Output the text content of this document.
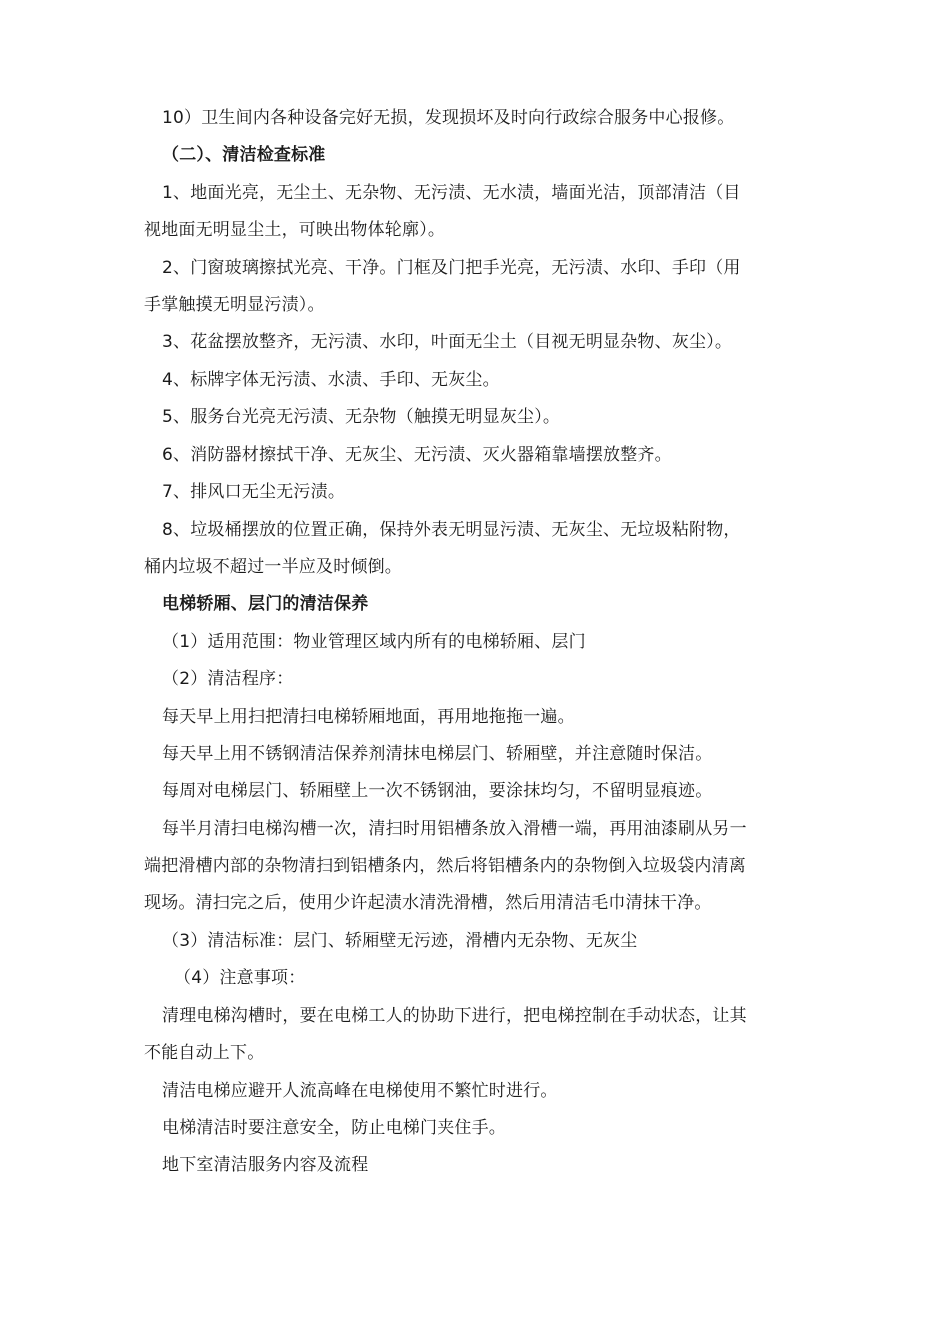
10）卫生间内各种设备完好无损，发现损坏及时向行政综合服务中心报修。
（二）、清洁检查标准
1、地面光亮，无尘土、无杂物、无污渍、无水渍，墙面光洁，顶部清洁（目
视地面无明显尘土，可映出物体轮廓）。
2、门窗玻璃擦拭光亮、干净。门框及门把手光亮，无污渍、水印、手印（用
手掌触摸无明显污渍）。
3、花盆摆放整齐，无污渍、水印，叶面无尘土（目视无明显杂物、灰尘）。
4、标牌字体无污渍、水渍、手印、无灰尘。
5、服务台光亮无污渍、无杂物（触摸无明显灰尘）。
6、消防器材擦拭干净、无灰尘、无污渍、灭火器箱靠墙摆放整齐。
7、排风口无尘无污渍。
8、垃圾桶摆放的位置正确，保持外表无明显污渍、无灰尘、无垃圾粘附物，
桶内垃圾不超过一半应及时倾倒。
电梯轿厢、层门的清洁保养
（1）适用范围：物业管理区域内所有的电梯轿厢、层门
（2）清洁程序：
每天早上用扫把清扫电梯轿厢地面，再用地拖拖一遍。
每天早上用不锈钢清洁保养剂清抹电梯层门、轿厢壁，并注意随时保洁。
每周对电梯层门、轿厢壁上一次不锈钢油，要涂抹均匀，不留明显痕迹。
每半月清扫电梯沟槽一次，清扫时用铝槽条放入滑槽一端，再用油漆刷从另一
端把滑槽内部的杂物清扫到铝槽条内，然后将铝槽条内的杂物倒入垃圾袋内清离
现场。清扫完之后，使用少许起渍水清洗滑槽，然后用清洁毛巾清抹干净。
（3）清洁标准：层门、轿厢壁无污迹，滑槽内无杂物、无灰尘
（4）注意事项：
清理电梯沟槽时，要在电梯工人的协助下进行，把电梯控制在手动状态，让其
不能自动上下。
清洁电梯应避开人流高峰在电梯使用不繁忙时进行。
电梯清洁时要注意安全，防止电梯门夹住手。
地下室清洁服务内容及流程
